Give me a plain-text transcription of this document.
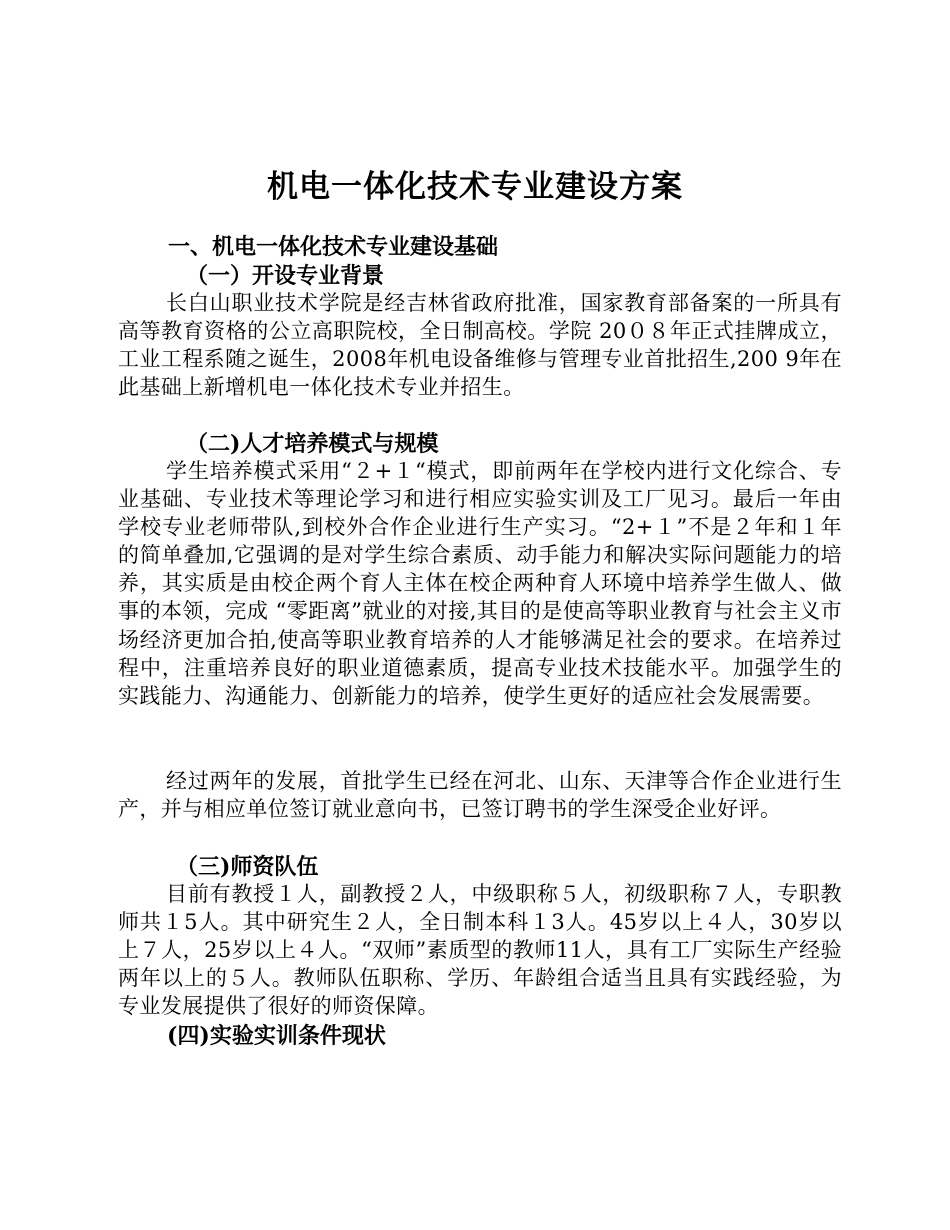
机电一体化技术专业建设方案
一、机电一体化技术专业建设基础
（一）开设专业背景
长白山职业技术学院是经吉林省政府批准，国家教育部备案的一所具有高等教育资格的公立高职院校，全日制高校。学院 20０８年正式挂牌成立，工业工程系随之诞生，2008年机电设备维修与管理专业首批招生,200 9年在此基础上新增机电一体化技术专业并招生。
（二)人才培养模式与规模
学生培养模式采用“２+１“模式，即前两年在学校内进行文化综合、专业基础、专业技术等理论学习和进行相应实验实训及工厂见习。最后一年由学校专业老师带队,到校外合作企业进行生产实习。“2+１”不是２年和１年的简单叠加,它强调的是对学生综合素质、动手能力和解决实际问题能力的培养，其实质是由校企两个育人主体在校企两种育人环境中培养学生做人、做事的本领，完成 “零距离”就业的对接,其目的是使高等职业教育与社会主义市场经济更加合拍,使高等职业教育培养的人才能够满足社会的要求。在培养过程中，注重培养良好的职业道德素质，提高专业技术技能水平。加强学生的实践能力、沟通能力、创新能力的培养，使学生更好的适应社会发展需要。
经过两年的发展，首批学生已经在河北、山东、天津等合作企业进行生产，并与相应单位签订就业意向书，已签订聘书的学生深受企业好评。
（三)师资队伍
目前有教授１人，副教授２人，中级职称５人，初级职称７人，专职教师共１5人。其中研究生２人，全日制本科１3人。45岁以上４人，30岁以上７人，25岁以上４人。“双师”素质型的教师11人，具有工厂实际生产经验两年以上的５人。教师队伍职称、学历、年龄组合适当且具有实践经验，为专业发展提供了很好的师资保障。
(四)实验实训条件现状
